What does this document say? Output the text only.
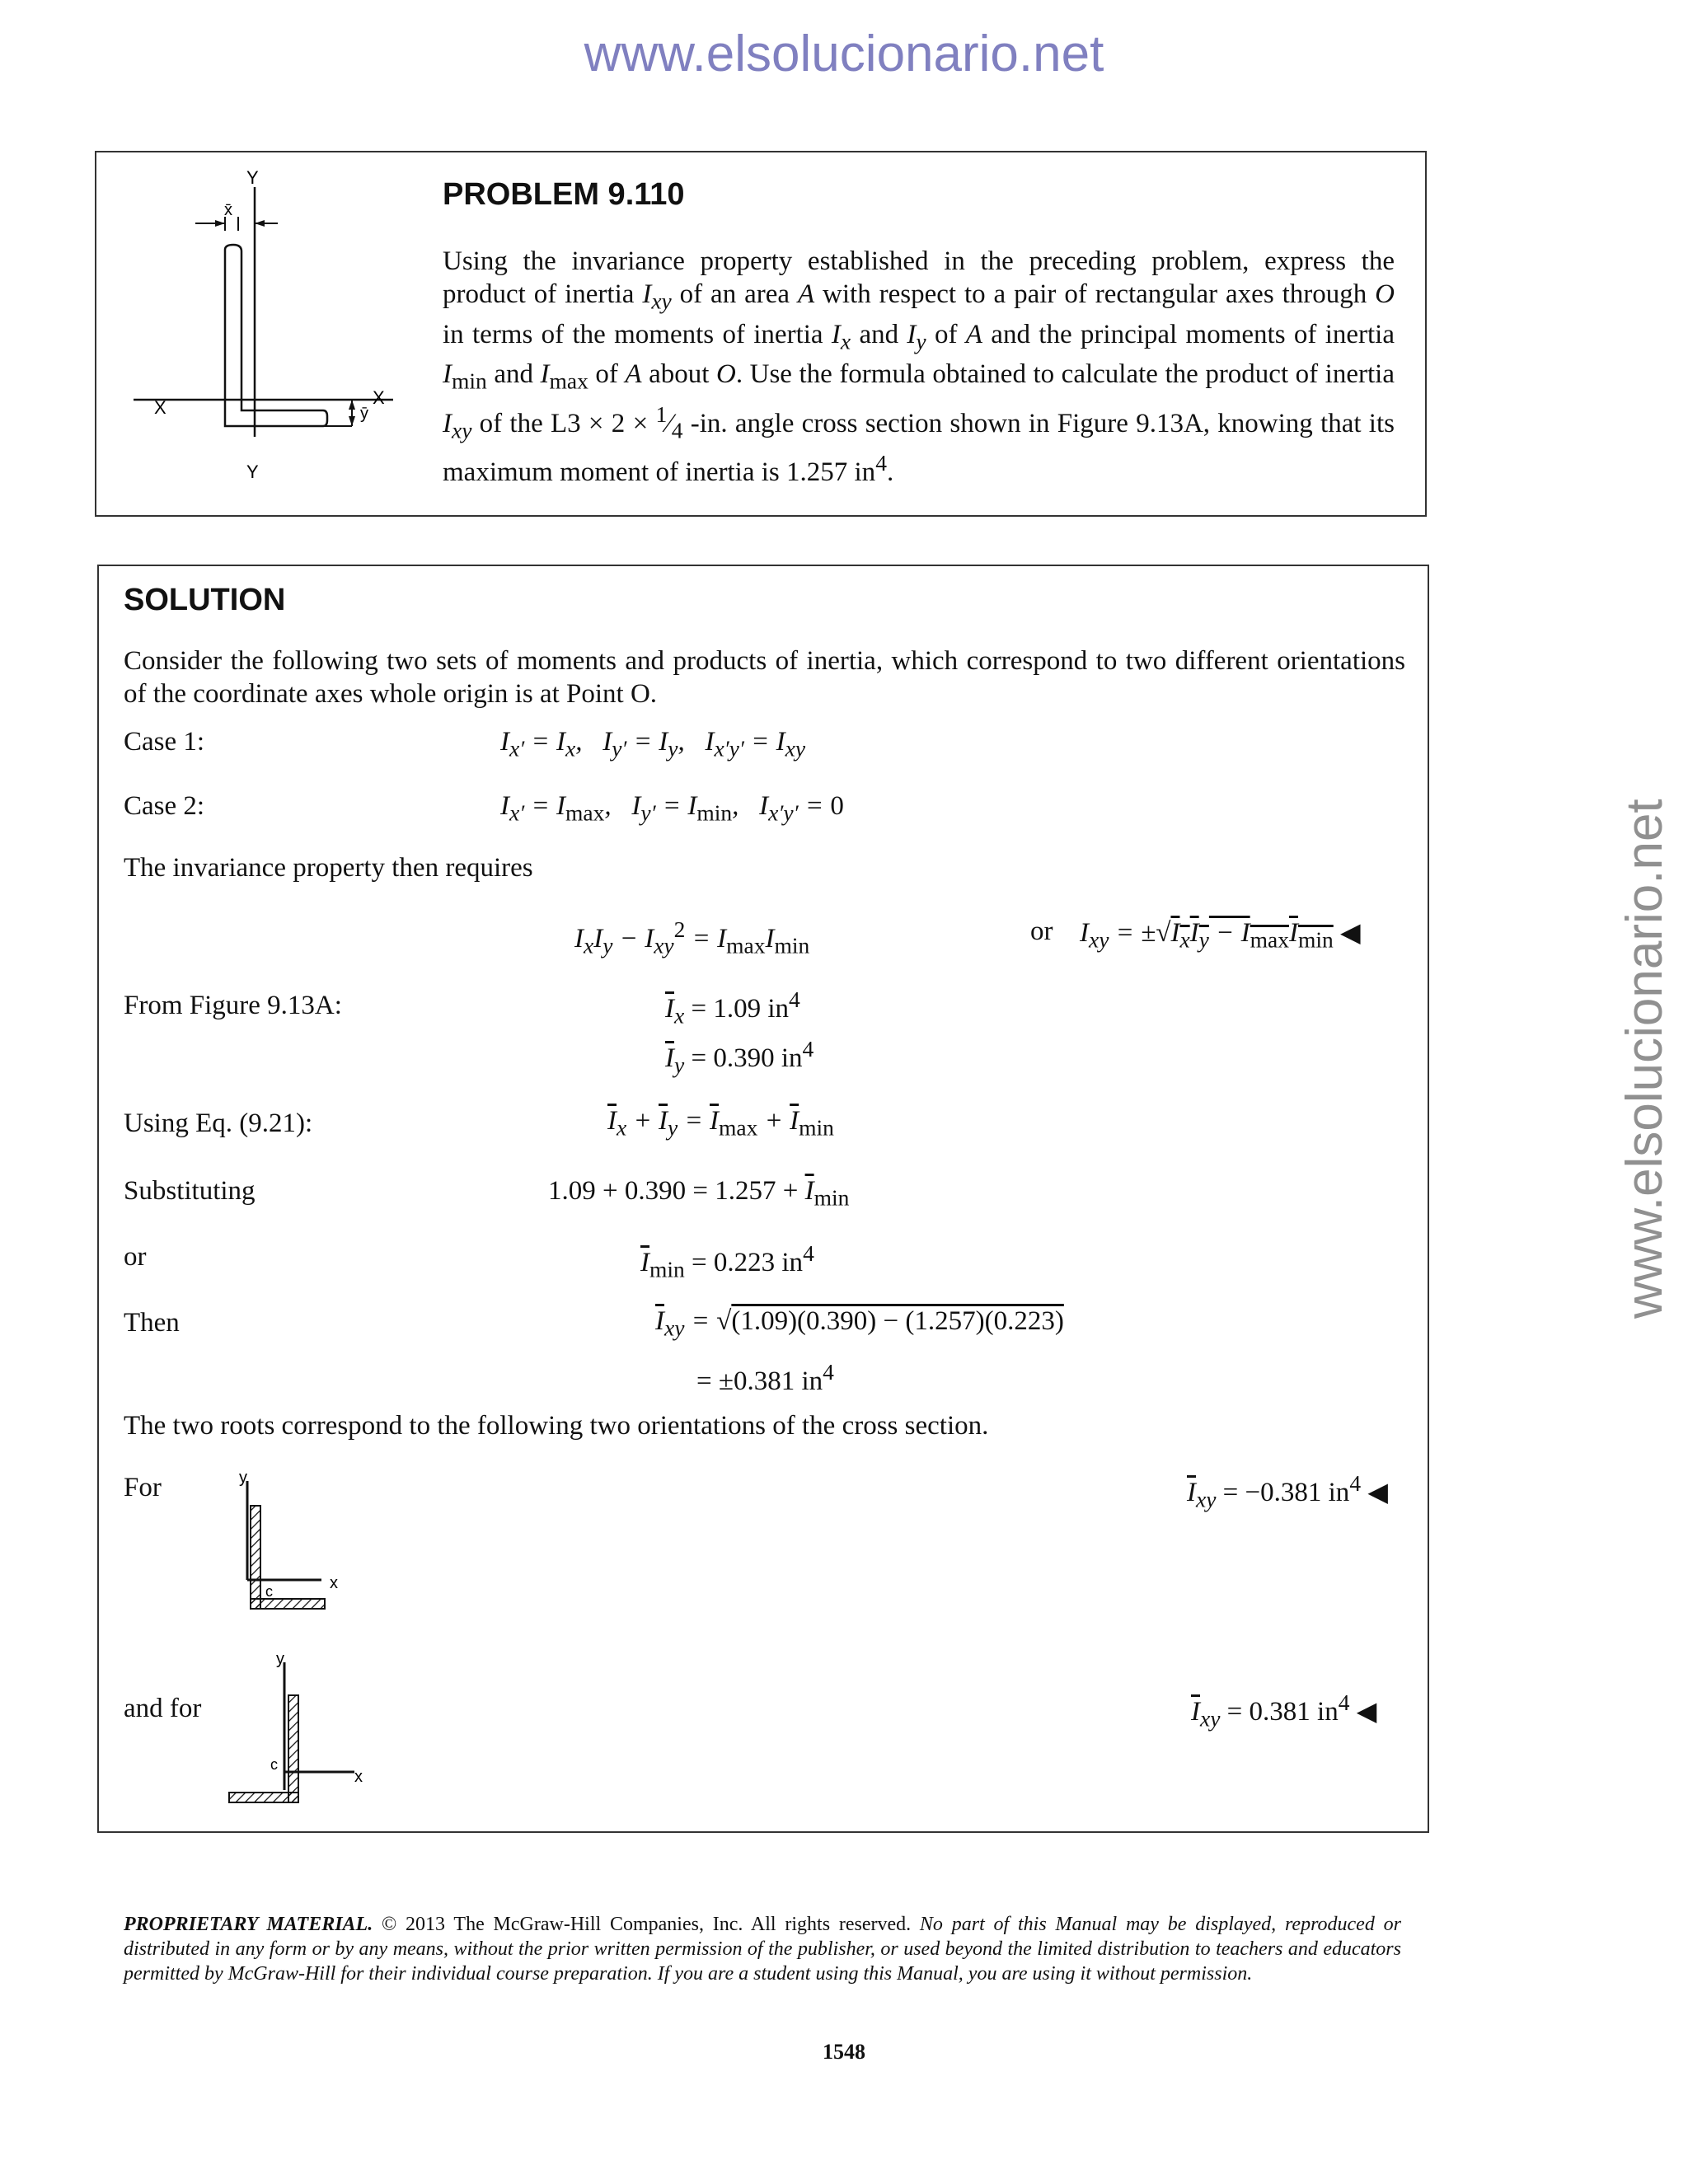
www.elsolucionario.net
www.elsolucionario.net
Y
Y
X	X
x̄
ȳ
PROBLEM 9.110
Using the invariance property established in the preceding problem, express the product of inertia $I_{xy}$ of an area A with respect to a pair of rectangular axes through O in terms of the moments of inertia $I_x$ and $I_y$ of A and the principal moments of inertia $I_{min}$ and $I_{max}$ of A about O. Use the formula obtained to calculate the product of inertia $I_{xy}$ of the $L3 \times 2 \times ^1⁄_4$ -in. angle cross section shown in Figure 9.13A, knowing that its maximum moment of inertia is 1.257 $in^4$.
SOLUTION
Consider the following two sets of moments and products of inertia, which correspond to two different orientations of the coordinate axes whole origin is at Point O.
Case 1:	$I_{x'} = I_x$,   $I_{y'} = I_y$,   $I_{x'y'} = I_{xy}$
Case 2:	$I_{x'} = I_{max}$,   $I_{y'} = I_{min}$,   $I_{x'y'} = 0$
The invariance property then requires
$I_xI_y - I_{xy}^2 = I_{max}I_{min}$	or $I_{xy} = \pm√I_xI_y - I_{max}I_{min}$ ◀
From Figure 9.13A:	$\overline{I}_x = 1.09$ $in^4$
$\overline{I}_y = 0.390$ $in^4$
Using Eq. (9.21):	$\overline{I}_x + \overline{I}_y = \overline{I}_{max} + \overline{I}_{min}$
Substituting	$1.09 + 0.390 = 1.257 + \overline{I}_{min}$
or	$\overline{I}_{min} = 0.223$ $in^4$
Then	$\overline{I}_{xy} = √(1.09)(0.390) - (1.257)(0.223)$
= ±0.381 $in^4$
The two roots correspond to the following two orientations of the cross section.
For
x
y
c
$\overline{I}_{xy} = -0.381$ $in^4$ ◀
and for
x
y
c
$\overline{I}_{xy} = 0.381$ $in^4$ ◀
PROPRIETARY MATERIAL. © 2013 The McGraw-Hill Companies, Inc. All rights reserved. No part of this Manual may be displayed, reproduced or distributed in any form or by any means, without the prior written permission of the publisher, or used beyond the limited distribution to teachers and educators permitted by McGraw-Hill for their individual course preparation. If you are a student using this Manual, you are using it without permission.
1548
